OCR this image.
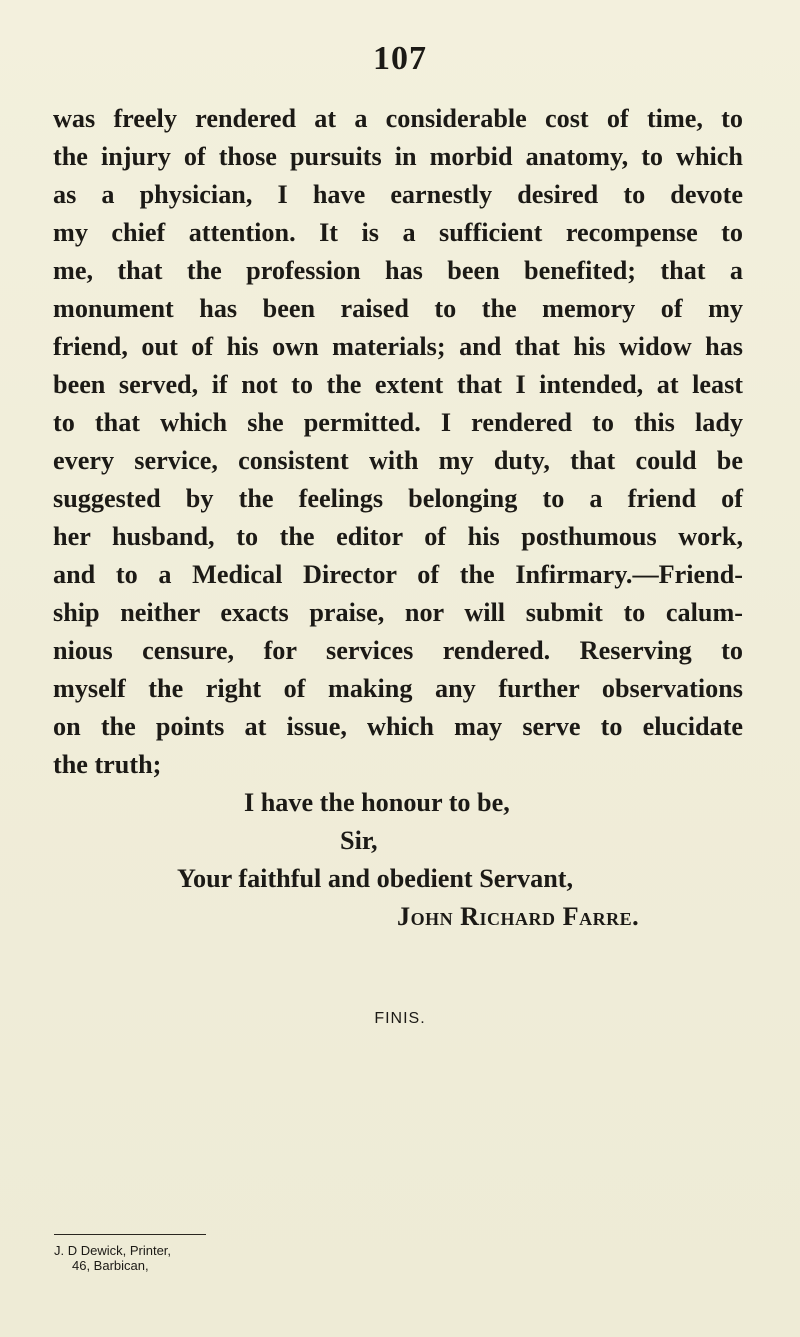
107
was freely rendered at a considerable cost of time, to
the injury of those pursuits in morbid anatomy, to which
as a physician, I have earnestly desired to devote
my chief attention. It is a sufficient recompense to
me, that the profession has been benefited; that a
monument has been raised to the memory of my
friend, out of his own materials; and that his widow has
been served, if not to the extent that I intended, at least
to that which she permitted. I rendered to this lady
every service, consistent with my duty, that could be
suggested by the feelings belonging to a friend of
her husband, to the editor of his posthumous work,
and to a Medical Director of the Infirmary.—Friend-
ship neither exacts praise, nor will submit to calum-
nious censure, for services rendered. Reserving to
myself the right of making any further observations
on the points at issue, which may serve to elucidate
the truth;
I have the honour to be,
Sir,
Your faithful and obedient Servant,
John Richard Farre.
FINIS.
J. D Dewick, Printer,
46, Barbican,
